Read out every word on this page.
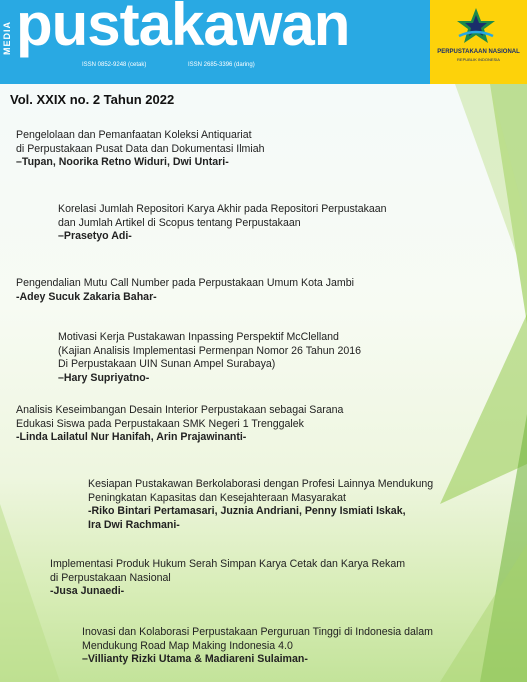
MEDIA pustakawan
ISSN 0852-9248 (cetak)	ISSN 2685-3396 (daring)
PERPUSTAKAAN NASIONAL
REPUBLIK INDONESIA
Vol. XXIX no. 2 Tahun 2022
Pengelolaan dan Pemanfaatan Koleksi Antiquariat
di Perpustakaan Pusat Data dan Dokumentasi Ilmiah
–Tupan, Noorika Retno Widuri, Dwi Untari-
Korelasi Jumlah Repositori Karya Akhir pada Repositori Perpustakaan
dan Jumlah Artikel di Scopus tentang Perpustakaan
–Prasetyo Adi-
Pengendalian Mutu Call Number pada Perpustakaan Umum Kota Jambi
-Adey Sucuk Zakaria Bahar-
Motivasi Kerja Pustakawan Inpassing Perspektif McClelland
(Kajian Analisis Implementasi Permenpan Nomor 26 Tahun 2016
Di Perpustakaan UIN Sunan Ampel Surabaya)
–Hary Supriyatno-
Analisis Keseimbangan Desain Interior Perpustakaan sebagai Sarana
Edukasi Siswa pada Perpustakaan SMK Negeri 1 Trenggalek
-Linda Lailatul Nur Hanifah, Arin Prajawinanti-
Kesiapan Pustakawan Berkolaborasi dengan Profesi Lainnya Mendukung
Peningkatan Kapasitas dan Kesejahteraan Masyarakat
-Riko Bintari Pertamasari, Juznia Andriani, Penny Ismiati Iskak,
Ira Dwi Rachmani-
Implementasi Produk Hukum Serah Simpan Karya Cetak dan Karya Rekam
di Perpustakaan Nasional
-Jusa Junaedi-
Inovasi dan Kolaborasi Perpustakaan Perguruan Tinggi di Indonesia dalam
Mendukung Road Map Making Indonesia 4.0
–Villianty Rizki Utama & Madiareni Sulaiman-
